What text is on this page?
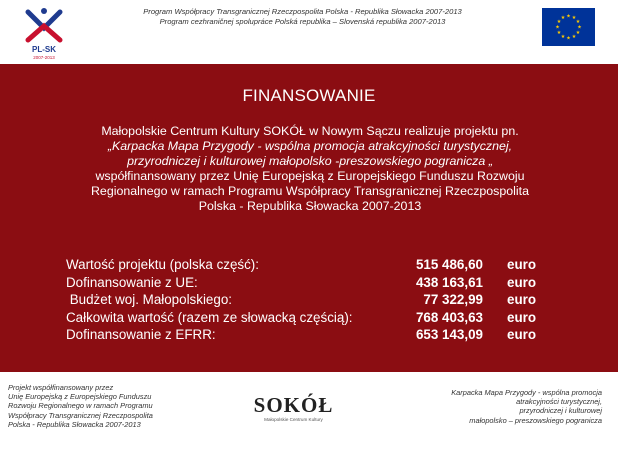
PL-SK
2007-2013
Program Współpracy Transgranicznej Rzeczpospolita Polska - Republika Słowacka 2007-2013
Program cezhraničnej spolupráce Polská republika – Slovenská republika 2007-2013
★ ★
★
★
★
★
★
★
★
★
★
★
FINANSOWANIE
Małopolskie Centrum Kultury SOKÓŁ w Nowym Sączu realizuje projektu pn.
„Karpacka Mapa Przygody - wspólna promocja atrakcyjności turystycznej,
przyrodniczej i kulturowej małopolsko -preszowskiego pogranicza „
współfinansowany przez Unię Europejską z Europejskiego Funduszu Rozwoju
Regionalnego w ramach Programu Współpracy Transgranicznej Rzeczpospolita
Polska - Republika Słowacka 2007-2013
Wartość projektu (polska część):	515 486,60 euro
Dofinansowanie z UE:	438 163,61 euro
Budżet woj. Małopolskiego:	77 322,99 euro
Całkowita wartość (razem ze słowacką częścią):	768 403,63 euro
Dofinansowanie z EFRR:	653 143,09 euro
Projekt współfinansowany przez
Unię Europejską z Europejskiego Funduszu
Rozwoju Regionalnego w ramach Programu
Współpracy Transgranicznej Rzeczpospolita
Polska - Republika Słowacka 2007-2013
SOKÓŁ
Małopolskie Centrum Kultury
Karpacka Mapa Przygody - wspólna promocja
atrakcyjności turystycznej,
przyrodniczej i kulturowej
małopolsko – preszowskiego pogranicza
